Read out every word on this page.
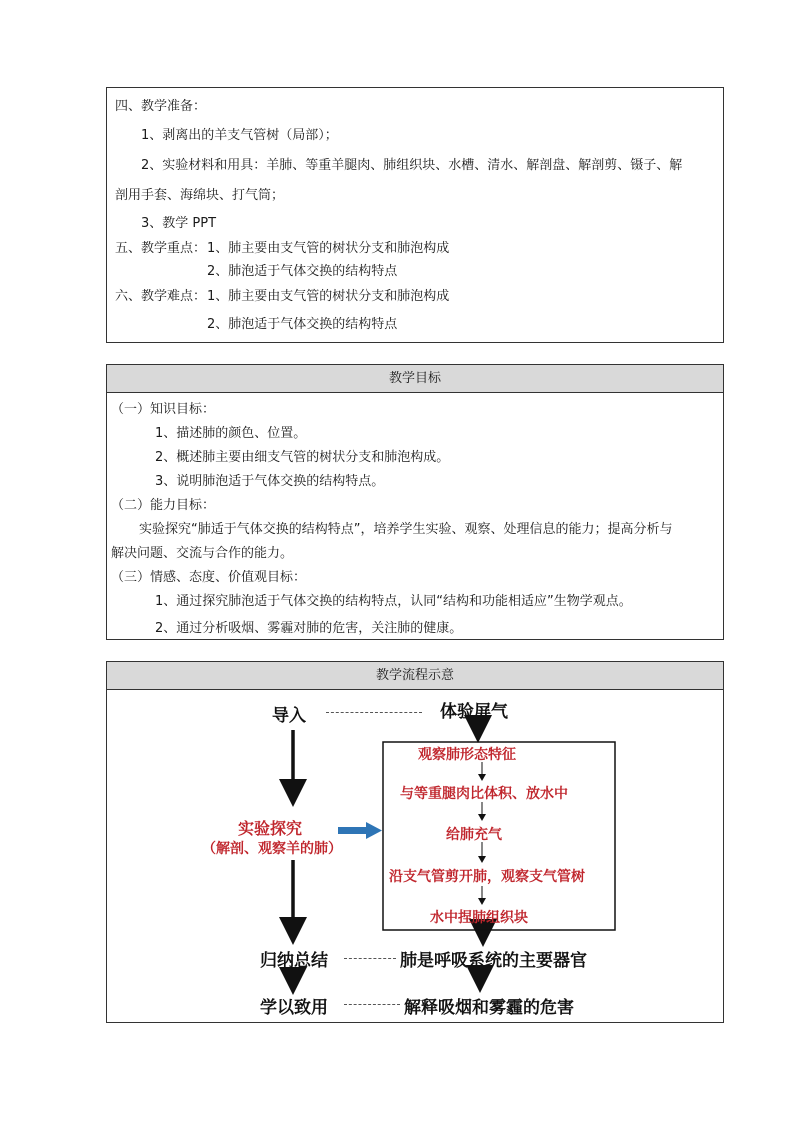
四、教学准备：
1、剥离出的羊支气管树（局部）；
2、实验材料和用具：羊肺、等重羊腿肉、肺组织块、水槽、清水、解剖盘、解剖剪、镊子、解
剖用手套、海绵块、打气筒；
3、教学 PPT
五、教学重点： 1、肺主要由支气管的树状分支和肺泡构成
2、肺泡适于气体交换的结构特点
六、教学难点： 1、肺主要由支气管的树状分支和肺泡构成
2、肺泡适于气体交换的结构特点
教学目标
（一）知识目标：
1、描述肺的颜色、位置。
2、概述肺主要由细支气管的树状分支和肺泡构成。
3、说明肺泡适于气体交换的结构特点。
（二）能力目标：
实验探究“肺适于气体交换的结构特点”，培养学生实验、观察、处理信息的能力；提高分析与
解决问题、交流与合作的能力。
（三）情感、态度、价值观目标：
1、通过探究肺泡适于气体交换的结构特点，认同“结构和功能相适应”生物学观点。
2、通过分析吸烟、雾霾对肺的危害，关注肺的健康。
教学流程示意
导入	体验屏气
观察肺形态特征
与等重腿肉比体积、放水中
给肺充气
沿支气管剪开肺，观察支气管树
水中捏肺组织块
实验探究
（解剖、观察羊的肺）
归纳总结	肺是呼吸系统的主要器官
学以致用	解释吸烟和雾霾的危害
